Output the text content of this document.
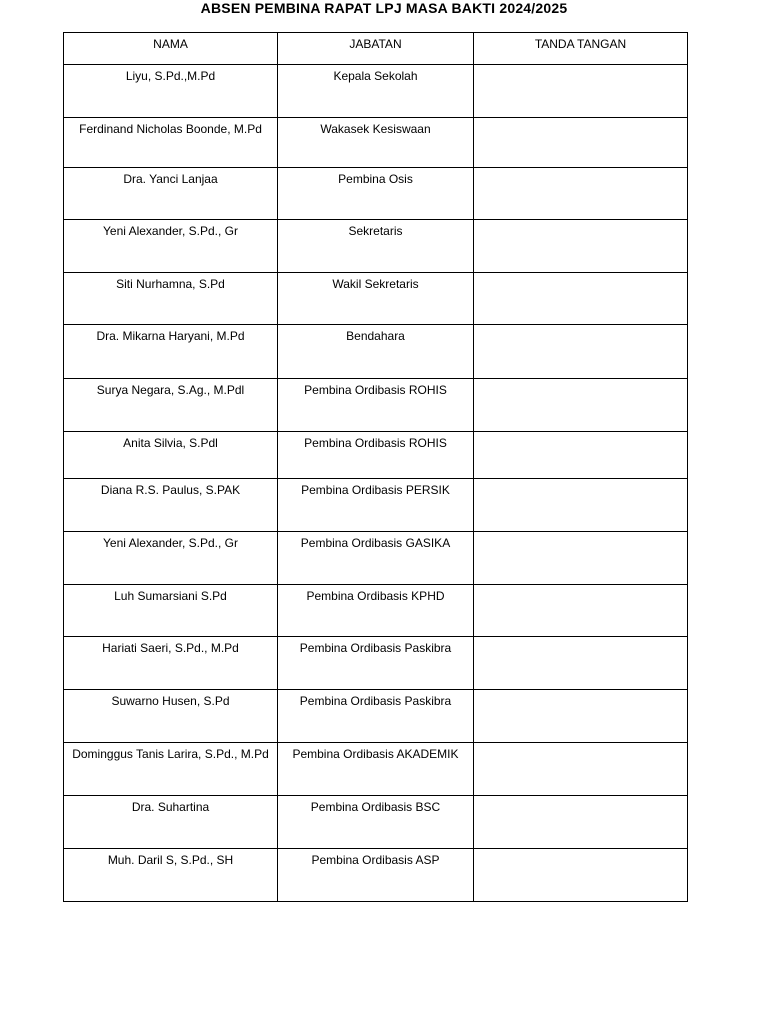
ABSEN PEMBINA RAPAT LPJ MASA BAKTI 2024/2025
NAMA	JABATAN	TANDA TANGAN
Liyu, S.Pd.,M.Pd	Kepala Sekolah	
Ferdinand Nicholas Boonde, M.Pd	Wakasek Kesiswaan	
Dra. Yanci Lanjaa	Pembina Osis	
Yeni Alexander, S.Pd., Gr	Sekretaris	
Siti Nurhamna, S.Pd	Wakil Sekretaris	
Dra. Mikarna Haryani, M.Pd	Bendahara	
Surya Negara, S.Ag., M.Pdl	Pembina Ordibasis ROHIS	
Anita Silvia, S.Pdl	Pembina Ordibasis ROHIS	
Diana R.S. Paulus, S.PAK	Pembina Ordibasis PERSIK	
Yeni Alexander, S.Pd., Gr	Pembina Ordibasis GASIKA	
Luh Sumarsiani S.Pd	Pembina Ordibasis KPHD	
Hariati Saeri, S.Pd., M.Pd	Pembina Ordibasis Paskibra	
Suwarno Husen, S.Pd	Pembina Ordibasis Paskibra	
Dominggus Tanis Larira, S.Pd., M.Pd	Pembina Ordibasis AKADEMIK	
Dra. Suhartina	Pembina Ordibasis BSC	
Muh. Daril S, S.Pd., SH	Pembina Ordibasis ASP	
